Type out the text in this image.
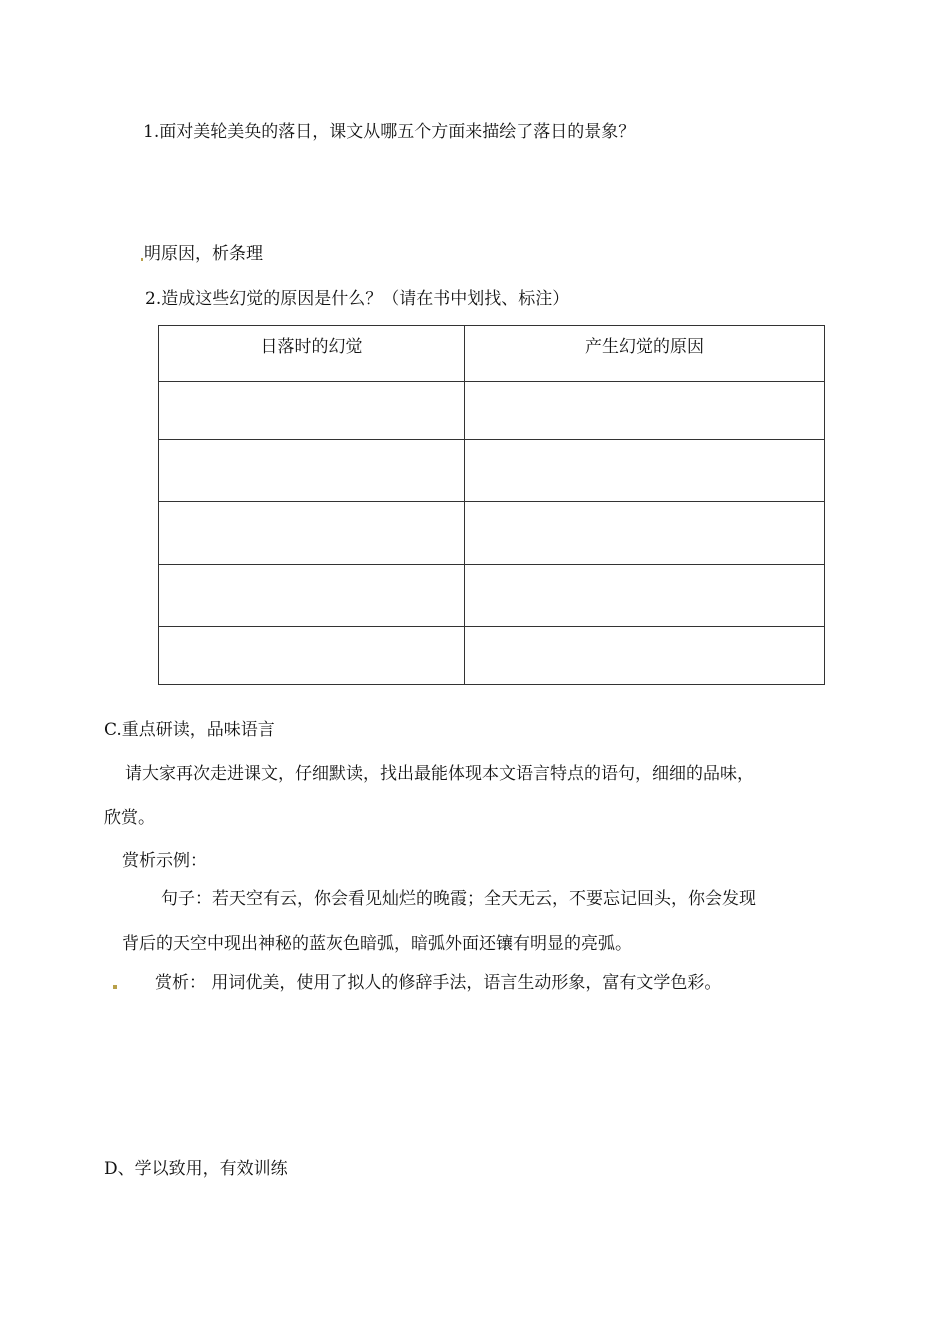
1.面对美轮美奂的落日，课文从哪五个方面来描绘了落日的景象？
明原因，析条理
2.造成这些幻觉的原因是什么？（请在书中划找、标注）
日落时的幻觉	产生幻觉的原因

C.重点研读，品味语言
请大家再次走进课文，仔细默读，找出最能体现本文语言特点的语句，细细的品味，
欣赏。
赏析示例：
句子：若天空有云，你会看见灿烂的晚霞；全天无云，不要忘记回头，你会发现
背后的天空中现出神秘的蓝灰色暗弧，暗弧外面还镶有明显的亮弧。
赏析： 用词优美，使用了拟人的修辞手法，语言生动形象，富有文学色彩。
D、学以致用，有效训练
